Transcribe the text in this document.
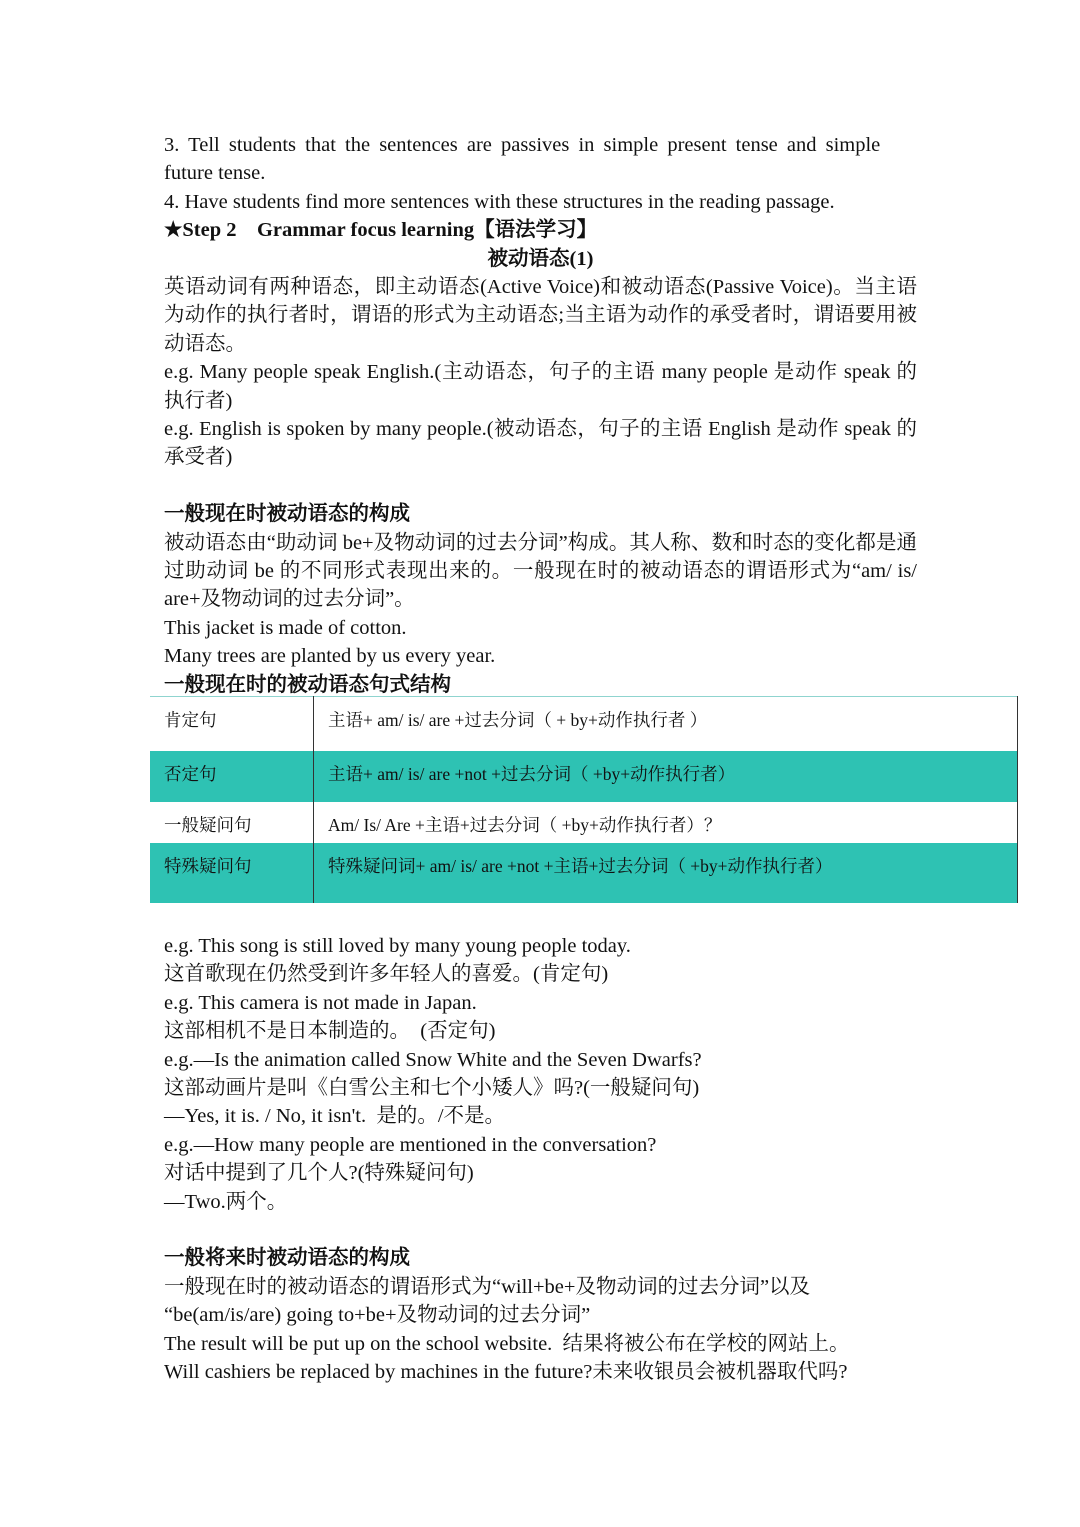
3. Tell students that the sentences are passives in simple present tense and simple

future tense.

4. Have students find more sentences with these structures in the reading passage.

★Step 2    Grammar focus learning【语法学习】

被动语态(1)

英语动词有两种语态，即主动语态(Active Voice)和被动语态(Passive Voice)。当主语为动作的执行者时，谓语的形式为主动语态;当主语为动作的承受者时，谓语要用被动语态。

e.g. Many people speak English.(主动语态，句子的主语 many people 是动作 speak 的执行者)

e.g. English is spoken by many people.(被动语态，句子的主语 English 是动作 speak 的承受者)

一般现在时被动语态的构成

被动语态由“助动词 be+及物动词的过去分词”构成。其人称、数和时态的变化都是通过助动词 be 的不同形式表现出来的。一般现在时的被动语态的谓语形式为“am/ is/ are+及物动词的过去分词”。

This jacket is made of cotton.

Many trees are planted by us every year.

一般现在时的被动语态句式结构

肯定句	主语+ am/ is/ are +过去分词（ + by+动作执行者 ）
否定句	主语+ am/ is/ are +not +过去分词（ +by+动作执行者）
一般疑问句	Am/ Is/ Are +主语+过去分词（ +by+动作执行者）？
特殊疑问句	特殊疑问词+ am/ is/ are +not +主语+过去分词（ +by+动作执行者）

e.g. This song is still loved by many young people today.

这首歌现在仍然受到许多年轻人的喜爱。(肯定句)

e.g. This camera is not made in Japan.

这部相机不是日本制造的。  (否定句)

e.g.—Is the animation called Snow White and the Seven Dwarfs?

这部动画片是叫《白雪公主和七个小矮人》吗?(一般疑问句)

—Yes, it is. / No, it isn't.  是的。/不是。

e.g.—How many people are mentioned in the conversation?

对话中提到了几个人?(特殊疑问句)

—Two.两个。

一般将来时被动语态的构成

一般现在时的被动语态的谓语形式为“will+be+及物动词的过去分词”以及

“be(am/is/are) going to+be+及物动词的过去分词”

The result will be put up on the school website.  结果将被公布在学校的网站上。

Will cashiers be replaced by machines in the future?未来收银员会被机器取代吗?
